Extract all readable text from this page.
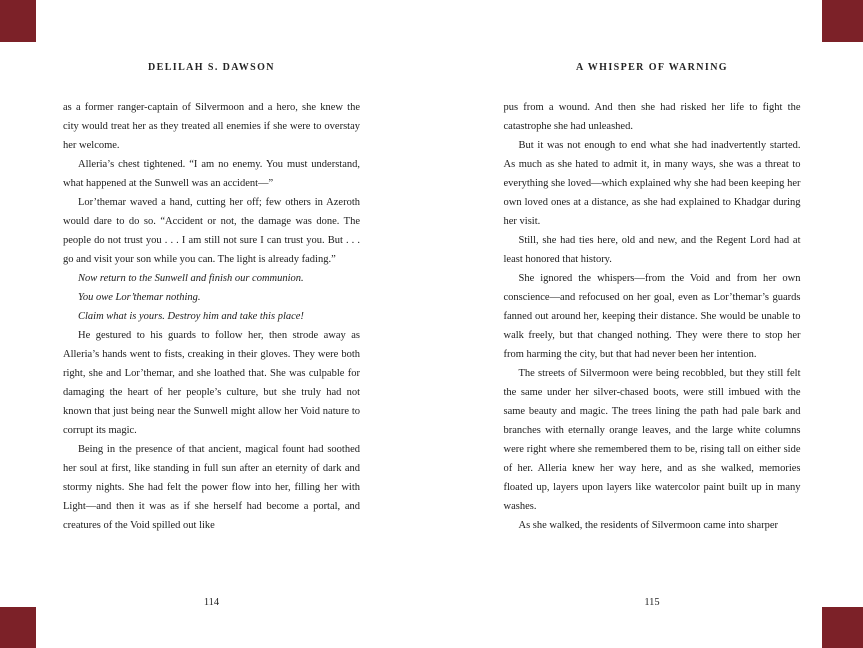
DELILAH S. DAWSON

as a former ranger-captain of Silvermoon and a hero, she knew the city would treat her as they treated all enemies if she were to overstay her welcome.

Alleria’s chest tightened. “I am no enemy. You must understand, what happened at the Sunwell was an accident—”

Lor’themar waved a hand, cutting her off; few others in Azeroth would dare to do so. “Accident or not, the damage was done. The people do not trust you . . . I am still not sure I can trust you. But . . . go and visit your son while you can. The light is already fading.”

Now return to the Sunwell and finish our communion.

You owe Lor’themar nothing.

Claim what is yours. Destroy him and take this place!

He gestured to his guards to follow her, then strode away as Alleria’s hands went to fists, creaking in their gloves. They were both right, she and Lor’themar, and she loathed that. She was culpable for damaging the heart of her people’s culture, but she truly had not known that just being near the Sunwell might allow her Void nature to corrupt its magic.

Being in the presence of that ancient, magical fount had soothed her soul at first, like standing in full sun after an eternity of dark and stormy nights. She had felt the power flow into her, filling her with Light—and then it was as if she herself had become a portal, and creatures of the Void spilled out like

114
A WHISPER OF WARNING

pus from a wound. And then she had risked her life to fight the catastrophe she had unleashed.

But it was not enough to end what she had inadvertently started. As much as she hated to admit it, in many ways, she was a threat to everything she loved—which explained why she had been keeping her own loved ones at a distance, as she had explained to Khadgar during her visit.

Still, she had ties here, old and new, and the Regent Lord had at least honored that history.

She ignored the whispers—from the Void and from her own conscience—and refocused on her goal, even as Lor’themar’s guards fanned out around her, keeping their distance. She would be unable to walk freely, but that changed nothing. They were there to stop her from harming the city, but that had never been her intention.

The streets of Silvermoon were being recobbled, but they still felt the same under her silver-chased boots, were still imbued with the same beauty and magic. The trees lining the path had pale bark and branches with eternally orange leaves, and the large white columns were right where she remembered them to be, rising tall on either side of her. Alleria knew her way here, and as she walked, memories floated up, layers upon layers like watercolor paint built up in many washes.

As she walked, the residents of Silvermoon came into sharper

115
